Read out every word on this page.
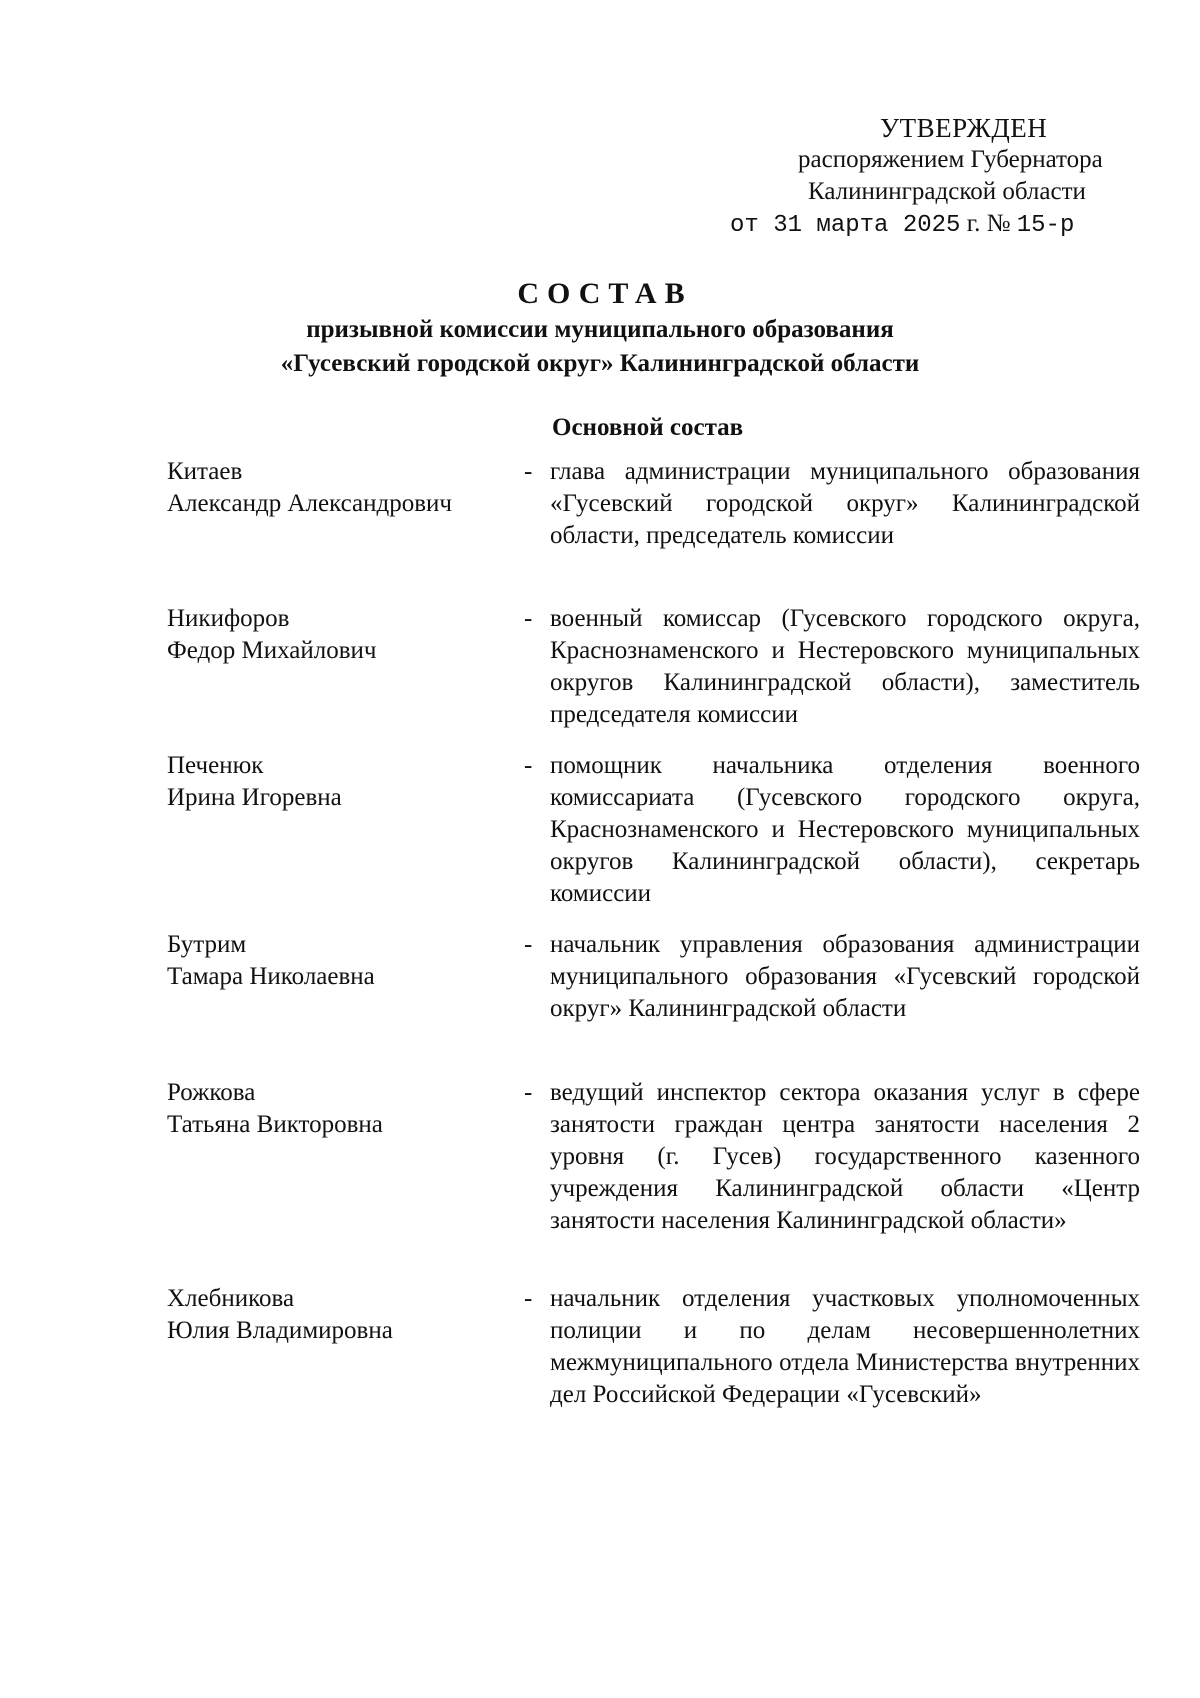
УТВЕРЖДЕН
распоряжением Губернатора
Калининградской области
от 31 марта 2025 г. № 15-р
СОСТАВ
призывной комиссии муниципального образования
«Гусевский городской округ» Калининградской области
Основной состав
Китаев
Александр Александрович
- глава администрации муниципального образования «Гусевский городской округ» Калининградской области, председатель комиссии
Никифоров
Федор Михайлович
- военный комиссар (Гусевского городского округа, Краснознаменского и Нестеровского муниципальных округов Калининградской области), заместитель председателя комиссии
Печенюк
Ирина Игоревна
- помощник начальника отделения военного комиссариата (Гусевского городского округа, Краснознаменского и Нестеровского муниципальных округов Калининградской области), секретарь комиссии
Бутрим
Тамара Николаевна
- начальник управления образования администрации муниципального образования «Гусевский городской округ» Калининградской области
Рожкова
Татьяна Викторовна
- ведущий инспектор сектора оказания услуг в сфере занятости граждан центра занятости населения 2 уровня (г. Гусев) государственного казенного учреждения Калининградской области «Центр занятости населения Калининградской области»
Хлебникова
Юлия Владимировна
- начальник отделения участковых уполномоченных полиции и по делам несовершеннолетних межмуниципального отдела Министерства внутренних дел Российской Федерации «Гусевский»
